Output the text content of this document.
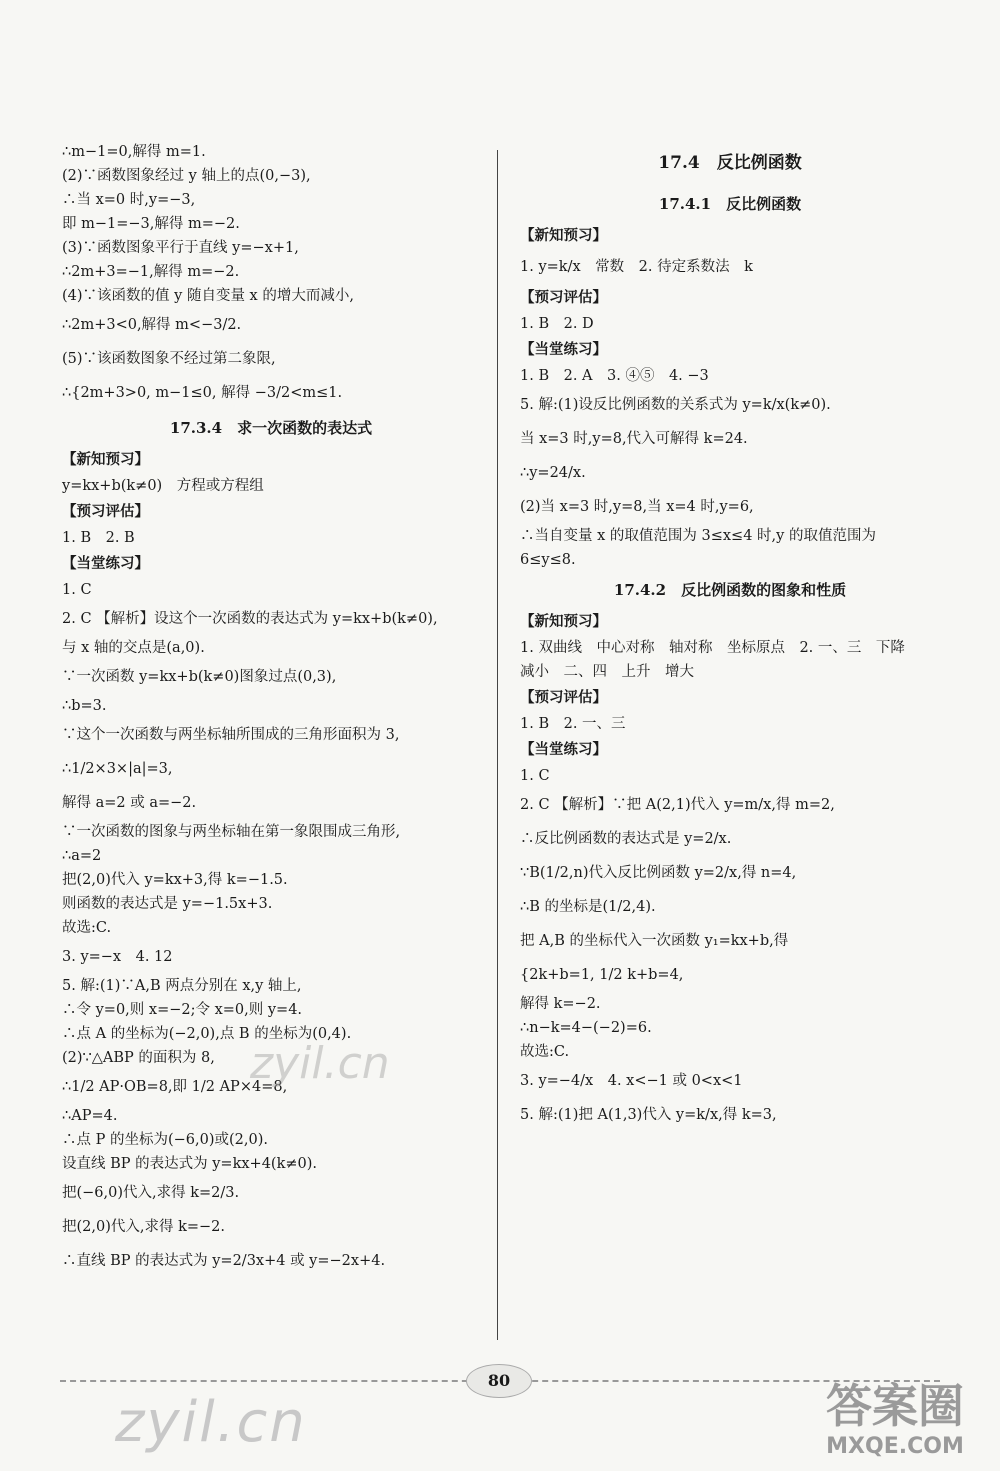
∴m−1=0,解得 m=1.

(2)∵函数图象经过 y 轴上的点(0,−3),

∴当 x=0 时,y=−3,

即 m−1=−3,解得 m=−2.

(3)∵函数图象平行于直线 y=−x+1,

∴2m+3=−1,解得 m=−2.

(4)∵该函数的值 y 随自变量 x 的增大而减小,

∴2m+3<0,解得 m<−3/2.

(5)∵该函数图象不经过第二象限,

∴{2m+3>0, m−1≤0, 解得 −3/2<m≤1.

17.3.4　求一次函数的表达式

【新知预习】

y=kx+b(k≠0)　方程或方程组

【预习评估】

1. B　2. B

【当堂练习】

1. C

2. C 【解析】设这个一次函数的表达式为 y=kx+b(k≠0),

与 x 轴的交点是(a,0).

∵一次函数 y=kx+b(k≠0)图象过点(0,3),

∴b=3.

∵这个一次函数与两坐标轴所围成的三角形面积为 3,

∴1/2×3×|a|=3,

解得 a=2 或 a=−2.

∵一次函数的图象与两坐标轴在第一象限围成三角形,

∴a=2

把(2,0)代入 y=kx+3,得 k=−1.5.

则函数的表达式是 y=−1.5x+3.

故选:C.

3. y=−x　4. 12

5. 解:(1)∵A,B 两点分别在 x,y 轴上,

∴令 y=0,则 x=−2;令 x=0,则 y=4.

∴点 A 的坐标为(−2,0),点 B 的坐标为(0,4).

(2)∵△ABP 的面积为 8,

∴1/2 AP·OB=8,即 1/2 AP×4=8,

∴AP=4.

∴点 P 的坐标为(−6,0)或(2,0).

设直线 BP 的表达式为 y=kx+4(k≠0).

把(−6,0)代入,求得 k=2/3.

把(2,0)代入,求得 k=−2.

∴直线 BP 的表达式为 y=2/3x+4 或 y=−2x+4.

17.4　反比例函数

17.4.1　反比例函数

【新知预习】

1. y=k/x　常数　2. 待定系数法　k

【预习评估】

1. B　2. D

【当堂练习】

1. B　2. A　3. ④⑤　4. −3

5. 解:(1)设反比例函数的关系式为 y=k/x(k≠0).

当 x=3 时,y=8,代入可解得 k=24.

∴y=24/x.

(2)当 x=3 时,y=8,当 x=4 时,y=6,

∴当自变量 x 的取值范围为 3≤x≤4 时,y 的取值范围为

6≤y≤8.

17.4.2　反比例函数的图象和性质

【新知预习】

1. 双曲线　中心对称　轴对称　坐标原点　2. 一、三　下降

减小　二、四　上升　增大

【预习评估】

1. B　2. 一、三

【当堂练习】

1. C

2. C 【解析】∵把 A(2,1)代入 y=m/x,得 m=2,

∴反比例函数的表达式是 y=2/x.

∵B(1/2,n)代入反比例函数 y=2/x,得 n=4,

∴B 的坐标是(1/2,4).

把 A,B 的坐标代入一次函数 y₁=kx+b,得

{2k+b=1, 1/2 k+b=4,

解得 k=−2.

∴n−k=4−(−2)=6.

故选:C.

3. y=−4/x　4. x<−1 或 0<x<1

5. 解:(1)把 A(1,3)代入 y=k/x,得 k=3,

80
zyil.cn
zyil.cn
答案圈
MXQE.COM
